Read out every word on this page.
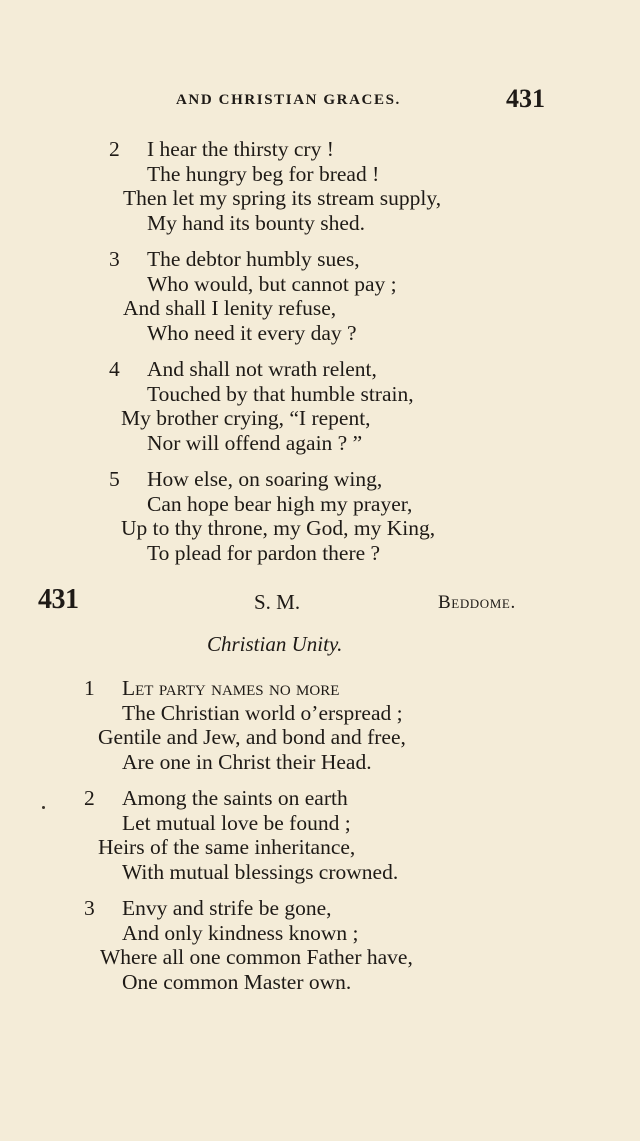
AND CHRISTIAN GRACES.	431
2 I hear the thirsty cry !
The hungry beg for bread !
Then let my spring its stream supply,
My hand its bounty shed.
3 The debtor humbly sues,
Who would, but cannot pay ;
And shall I lenity refuse,
Who need it every day ?
4 And shall not wrath relent,
Touched by that humble strain,
My brother crying, “I repent,
Nor will offend again ? ”
5 How else, on soaring wing,
Can hope bear high my prayer,
Up to thy throne, my God, my King,
To plead for pardon there ?
431	S. M.	Beddome.
Christian Unity.
1 Let party names no more
The Christian world o’erspread ;
Gentile and Jew, and bond and free,
Are one in Christ their Head.
2 Among the saints on earth
Let mutual love be found ;
Heirs of the same inheritance,
With mutual blessings crowned.
3 Envy and strife be gone,
And only kindness known ;
Where all one common Father have,
One common Master own.
